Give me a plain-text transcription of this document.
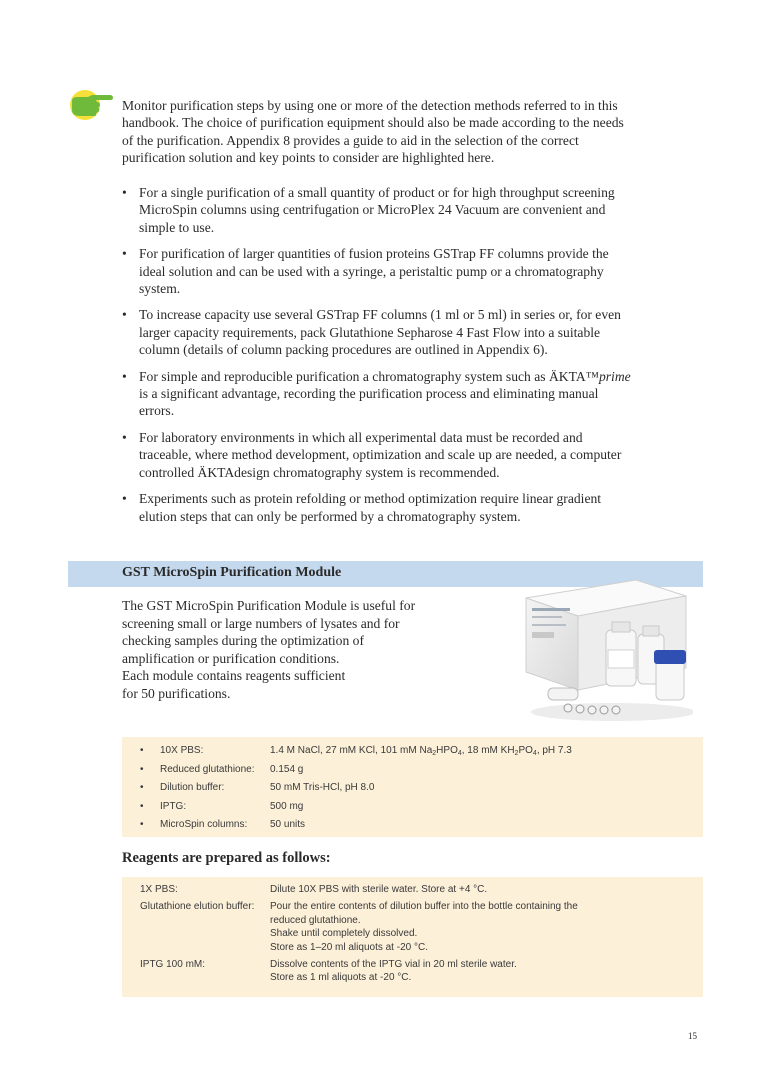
Monitor purification steps by using one or more of the detection methods referred to in this
handbook. The choice of purification equipment should also be made according to the needs
of the purification. Appendix 8 provides a guide to aid in the selection of the correct
purification solution and key points to consider are highlighted here.

• For a single purification of a small quantity of product or for high throughput screening
MicroSpin columns using centrifugation or MicroPlex 24 Vacuum are convenient and
simple to use.
• For purification of larger quantities of fusion proteins GSTrap FF columns provide the
ideal solution and can be used with a syringe, a peristaltic pump or a chromatography
system.
• To increase capacity use several GSTrap FF columns (1 ml or 5 ml) in series or, for even
larger capacity requirements, pack Glutathione Sepharose 4 Fast Flow into a suitable
column (details of column packing procedures are outlined in Appendix 6).
• For simple and reproducible purification a chromatography system such as ÄKTA™prime
is a significant advantage, recording the purification process and eliminating manual
errors.
• For laboratory environments in which all experimental data must be recorded and
traceable, where method development, optimization and scale up are needed, a computer
controlled ÄKTAdesign chromatography system is recommended.
• Experiments such as protein refolding or method optimization require linear gradient
elution steps that can only be performed by a chromatography system.
GST MicroSpin Purification Module

The GST MicroSpin Purification Module is useful for
screening small or large numbers of lysates and for
checking samples during the optimization of
amplification or purification conditions.
Each module contains reagents sufficient
for 50 purifications.

• 10X PBS:	1.4 M NaCl, 27 mM KCl, 101 mM $Na_2HPO_4$, 18 mM $KH_2PO_4$, pH 7.3
• Reduced glutathione: 0.154 g
• Dilution buffer:	50 mM Tris-HCl, pH 8.0
• IPTG:	500 mg
• MicroSpin columns: 50 units
Reagents are prepared as follows:
1X PBS:	Dilute 10X PBS with sterile water. Store at +4 °C.
Glutathione elution buffer: Pour the entire contents of dilution buffer into the bottle containing the
reduced glutathione.
Shake until completely dissolved.
Store as 1–20 ml aliquots at -20 °C.
IPTG 100 mM:	Dissolve contents of the IPTG vial in 20 ml sterile water.
Store as 1 ml aliquots at -20 °C.

15
